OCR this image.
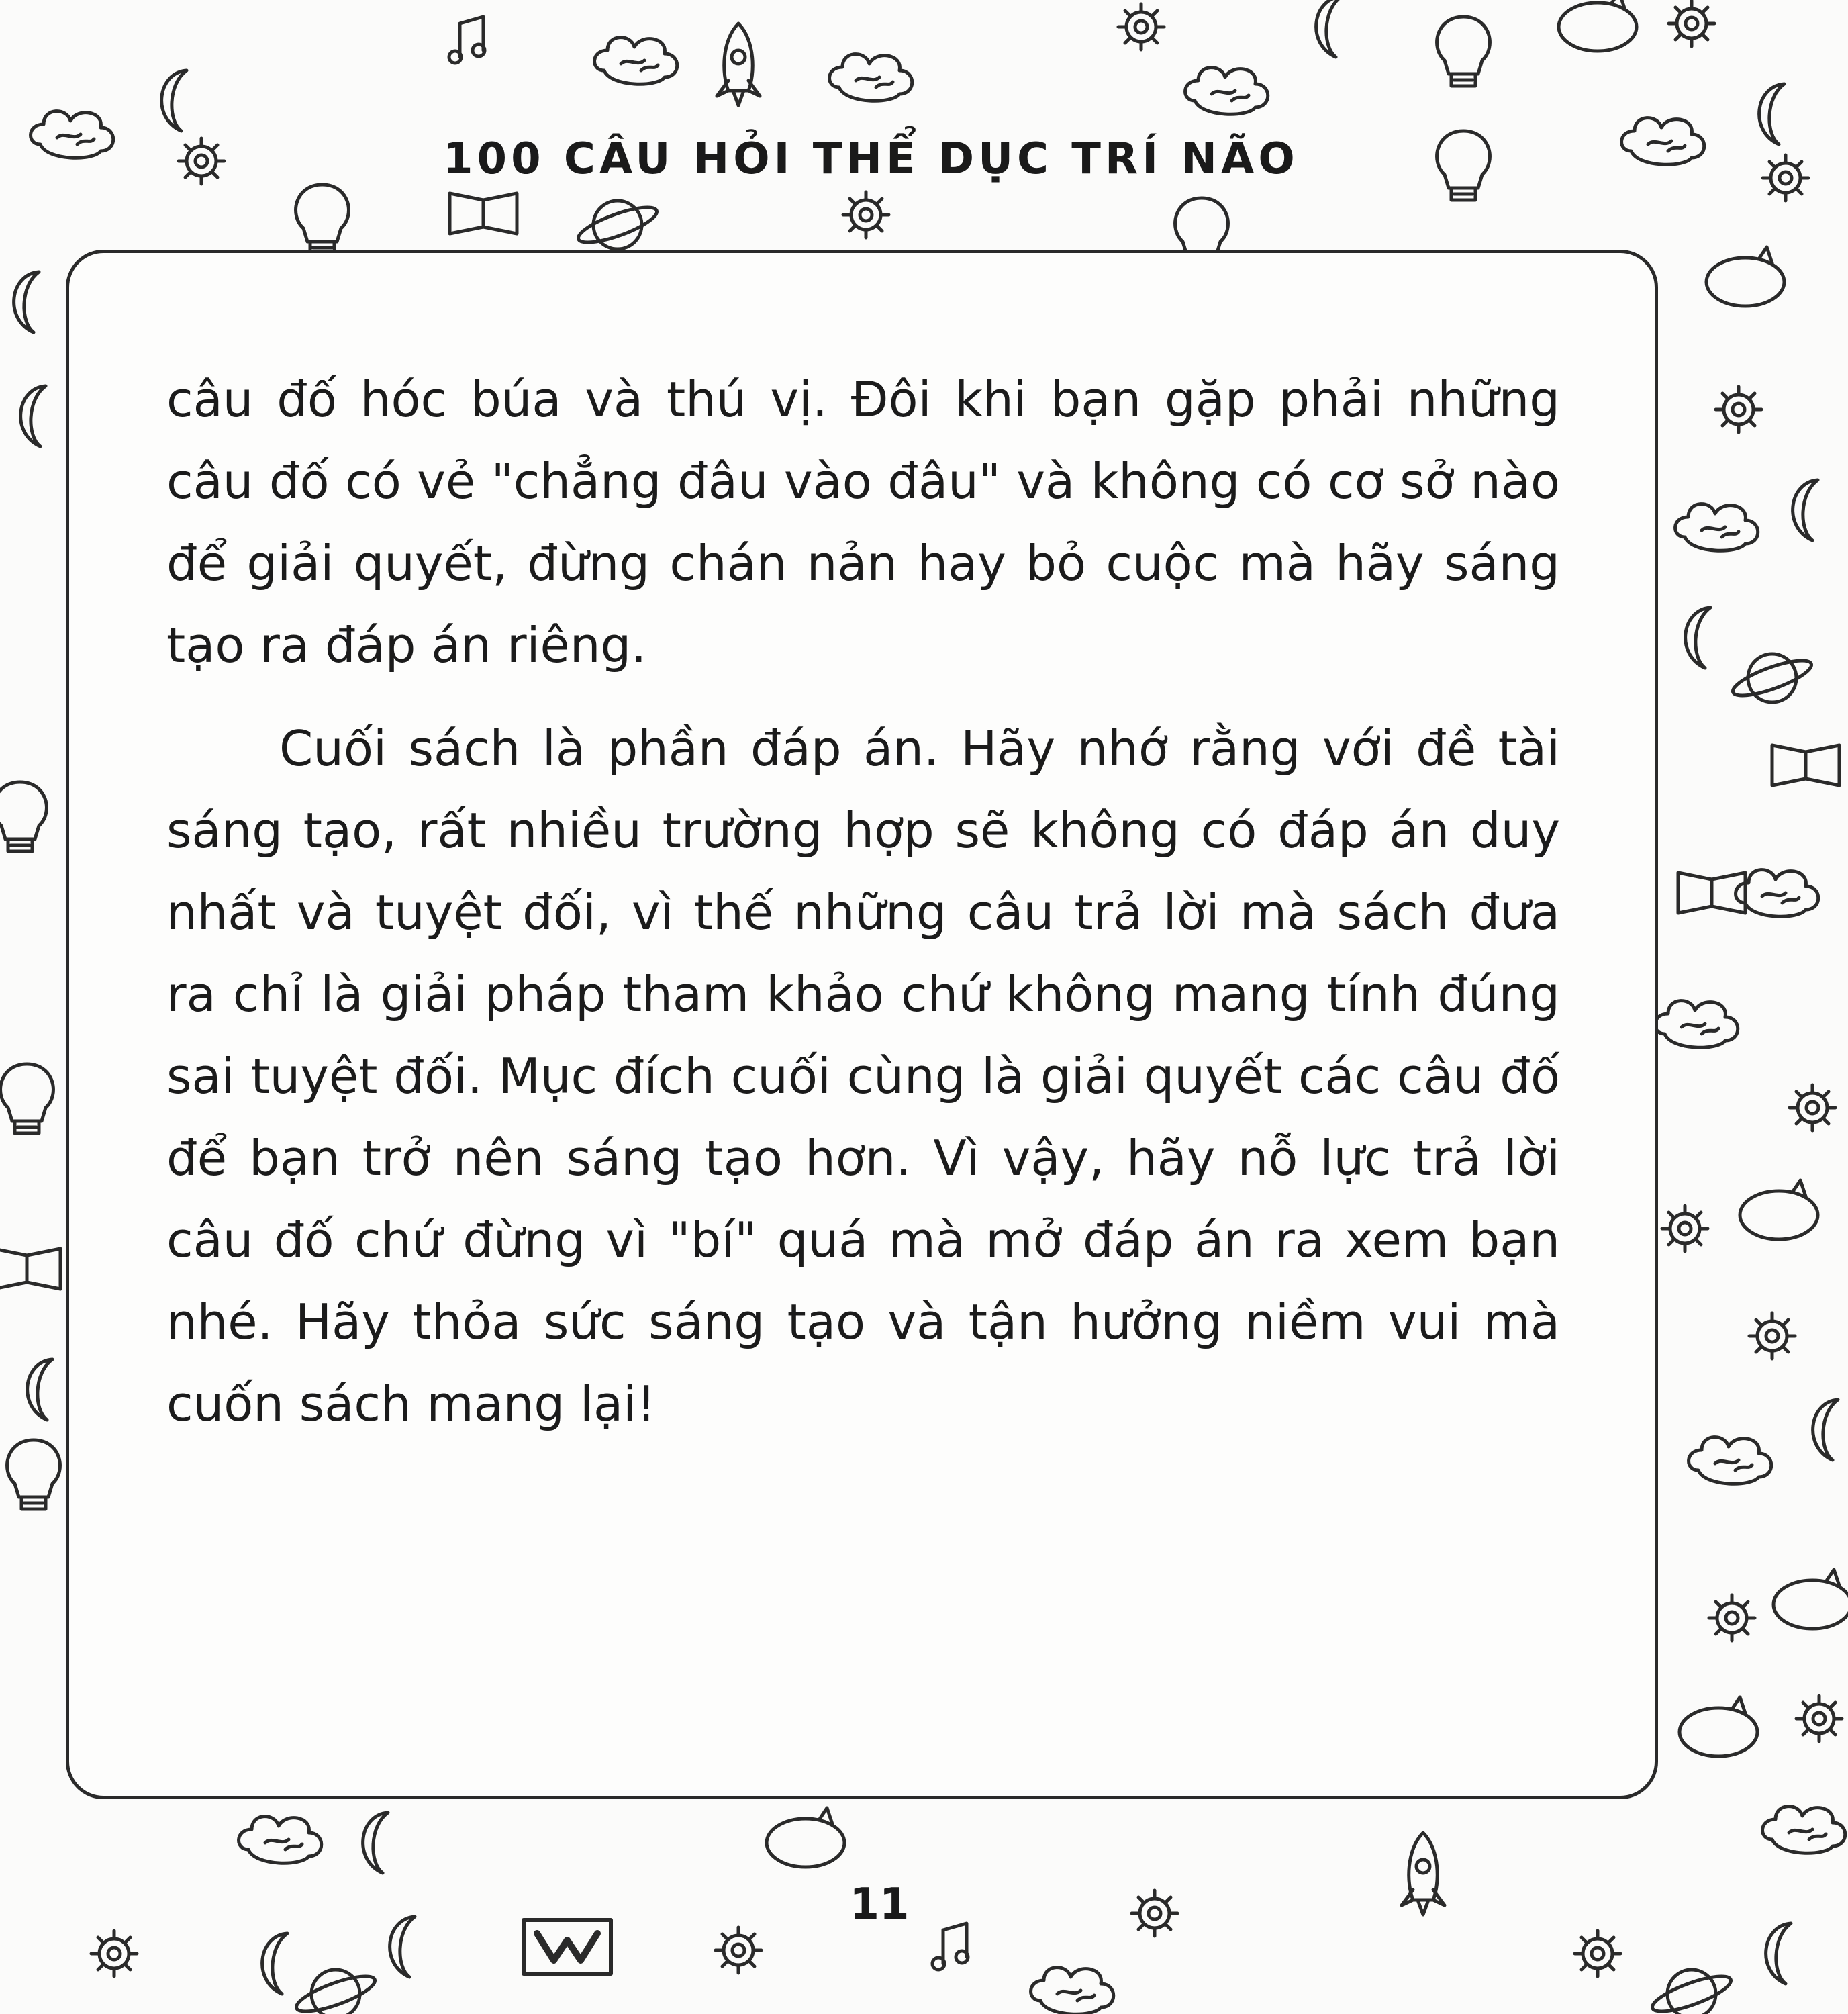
100 CÂU HỎI THỂ DỤC TRÍ NÃO

câu đố hóc búa và thú vị. Đôi khi bạn gặp phải những câu đố có vẻ "chẳng đâu vào đâu" và không có cơ sở nào để giải quyết, đừng chán nản hay bỏ cuộc mà hãy sáng tạo ra đáp án riêng.

Cuối sách là phần đáp án. Hãy nhớ rằng với đề tài sáng tạo, rất nhiều trường hợp sẽ không có đáp án duy nhất và tuyệt đối, vì thế những câu trả lời mà sách đưa ra chỉ là giải pháp tham khảo chứ không mang tính đúng sai tuyệt đối. Mục đích cuối cùng là giải quyết các câu đố để bạn trở nên sáng tạo hơn. Vì vậy, hãy nỗ lực trả lời câu đố chứ đừng vì "bí" quá mà mở đáp án ra xem bạn nhé. Hãy thỏa sức sáng tạo và tận hưởng niềm vui mà cuốn sách mang lại!

11
